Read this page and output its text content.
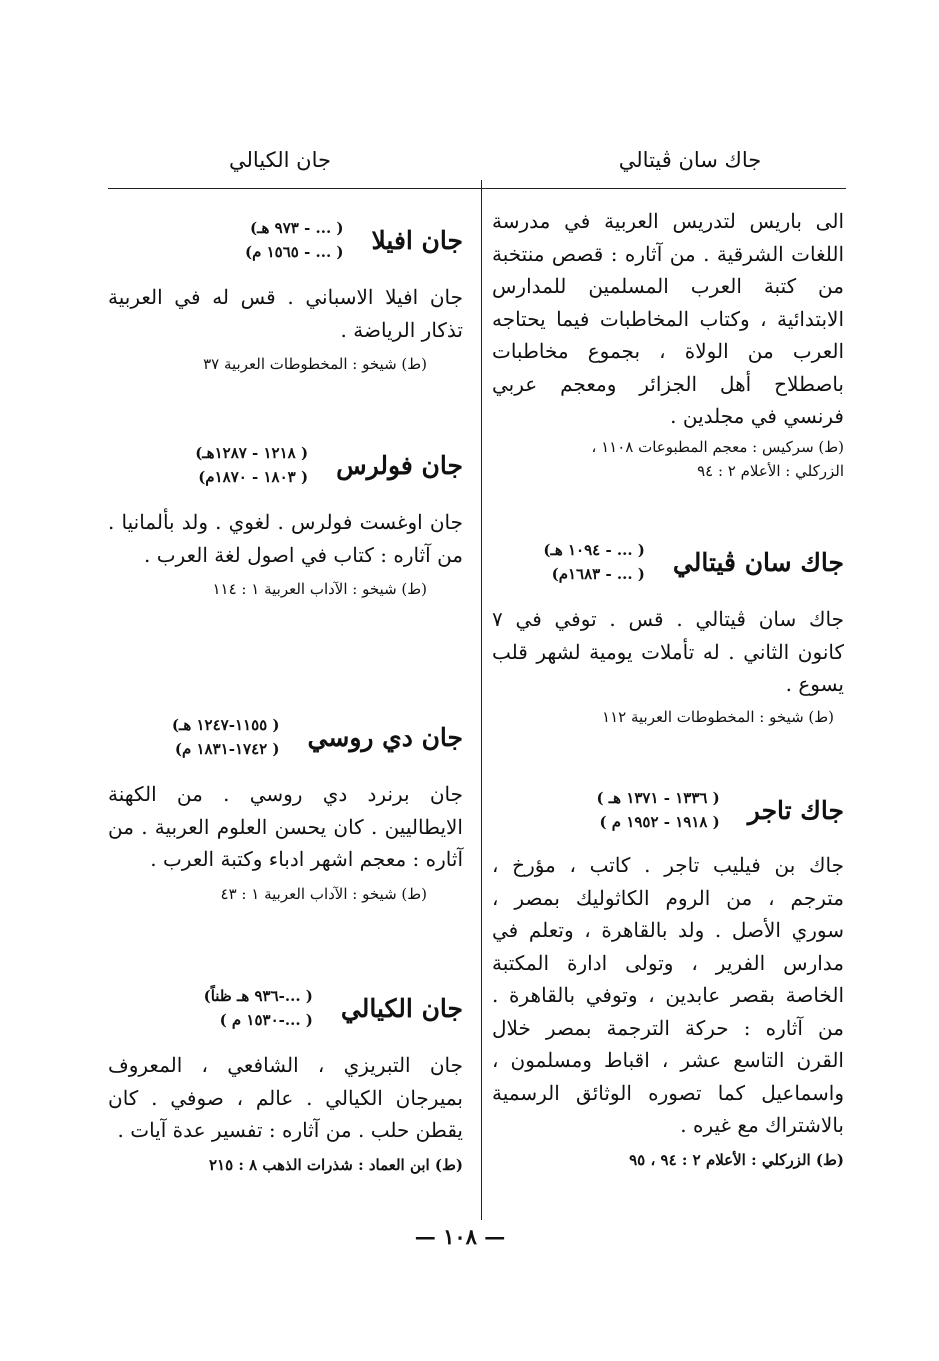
جاك سان ڤيتالي
جان الكيالي

الى باريس لتدريس العربية في مدرسة اللغات الشرقية . من آثاره : قصص منتخبة من كتبة العرب المسلمين للمدارس الابتدائية ، وكتاب المخاطبات فيما يحتاجه العرب من الولاة ، بجموع مخاطبات باصطلاح أهل الجزائر ومعجم عربي فرنسي في مجلدين .

(ط) سركيس : معجم المطبوعات ١١٠٨ ،

الزركلي : الأعلام ٢ : ٩٤

جاك سان ڤيتالي
( ... - ١٠٩٤ هـ)
( ... - ١٦٨٣م)

جاك سان ڤيتالي . قس . توفي في ٧ كانون الثاني . له تأملات يومية لشهر قلب يسوع .

(ط) شيخو : المخطوطات العربية ١١٢

جاك تاجر
( ١٣٣٦ - ١٣٧١ هـ )
( ١٩١٨ - ١٩٥٢ م )

جاك بن فيليب تاجر . كاتب ، مؤرخ ، مترجم ، من الروم الكاثوليك بمصر ، سوري الأصل . ولد بالقاهرة ، وتعلم في مدارس الفرير ، وتولى ادارة المكتبة الخاصة بقصر عابدين ، وتوفي بالقاهرة . من آثاره : حركة الترجمة بمصر خلال القرن التاسع عشر ، اقباط ومسلمون ، واسماعيل كما تصوره الوثائق الرسمية بالاشتراك مع غيره .

(ط) الزركلي : الأعلام ٢ : ٩٤ ، ٩٥

جان افيلا
( ... - ٩٧٣ هـ)
( ... - ١٥٦٥ م)

جان افيلا الاسباني . قس له في العربية تذكار الرياضة .

(ط) شيخو : المخطوطات العربية ٣٧

جان فولرس
( ١٢١٨ - ١٢٨٧هـ)
( ١٨٠٣ - ١٨٧٠م)

جان اوغست فولرس . لغوي . ولد بألمانيا . من آثاره : كتاب في اصول لغة العرب .

(ط) شيخو : الآداب العربية ١ : ١١٤

جان دي روسي
( ١١٥٥-١٢٤٧ هـ)
( ١٧٤٢-١٨٣١ م)

جان برنرد دي روسي . من الكهنة الايطاليين . كان يحسن العلوم العربية . من آثاره : معجم اشهر ادباء وكتبة العرب .

(ط) شيخو : الآداب العربية ١ : ٤٣

جان الكيالي
( ...-٩٣٦ هـ ظناً)
( ...-١٥٣٠ م )

جان التبريزي ، الشافعي ، المعروف بميرجان الكيالي . عالم ، صوفي . كان يقطن حلب . من آثاره : تفسير عدة آيات .

(ط) ابن العماد : شذرات الذهب ٨ : ٢١٥

— ١٠٨ —
